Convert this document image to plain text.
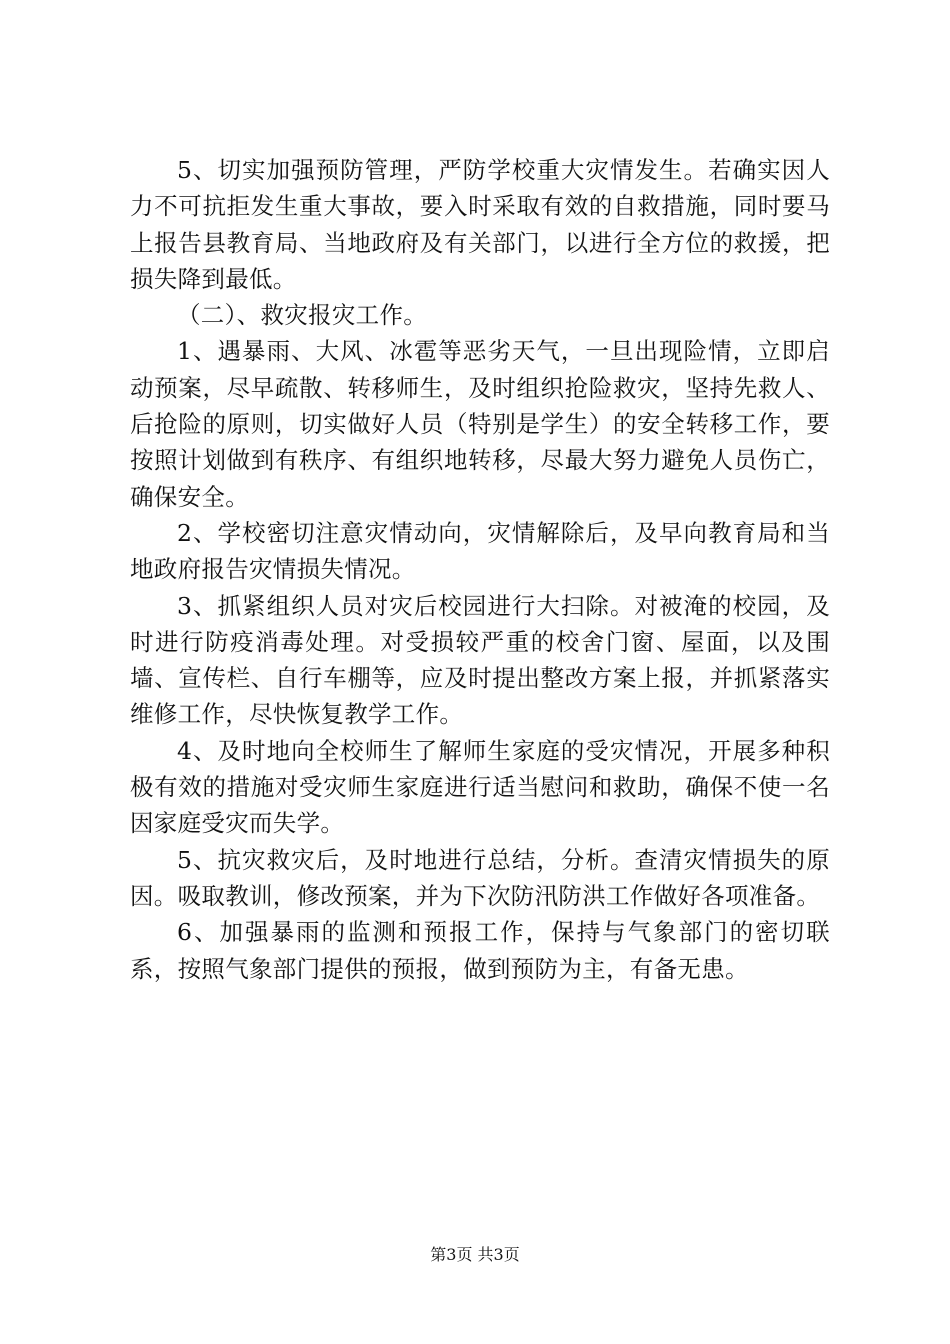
5、切实加强预防管理，严防学校重大灾情发生。若确实因人力不可抗拒发生重大事故，要入时采取有效的自救措施，同时要马上报告县教育局、当地政府及有关部门，以进行全方位的救援，把损失降到最低。

（二）、救灾报灾工作。

1、遇暴雨、大风、冰雹等恶劣天气，一旦出现险情，立即启动预案，尽早疏散、转移师生，及时组织抢险救灾，坚持先救人、后抢险的原则，切实做好人员（特别是学生）的安全转移工作，要按照计划做到有秩序、有组织地转移，尽最大努力避免人员伤亡，确保安全。

2、学校密切注意灾情动向，灾情解除后，及早向教育局和当地政府报告灾情损失情况。

3、抓紧组织人员对灾后校园进行大扫除。对被淹的校园，及时进行防疫消毒处理。对受损较严重的校舍门窗、屋面，以及围墙、宣传栏、自行车棚等，应及时提出整改方案上报，并抓紧落实维修工作，尽快恢复教学工作。

4、及时地向全校师生了解师生家庭的受灾情况，开展多种积极有效的措施对受灾师生家庭进行适当慰问和救助，确保不使一名因家庭受灾而失学。

5、抗灾救灾后，及时地进行总结，分析。查清灾情损失的原因。吸取教训，修改预案，并为下次防汛防洪工作做好各项准备。

6、加强暴雨的监测和预报工作，保持与气象部门的密切联系，按照气象部门提供的预报，做到预防为主，有备无患。

第3页 共3页
